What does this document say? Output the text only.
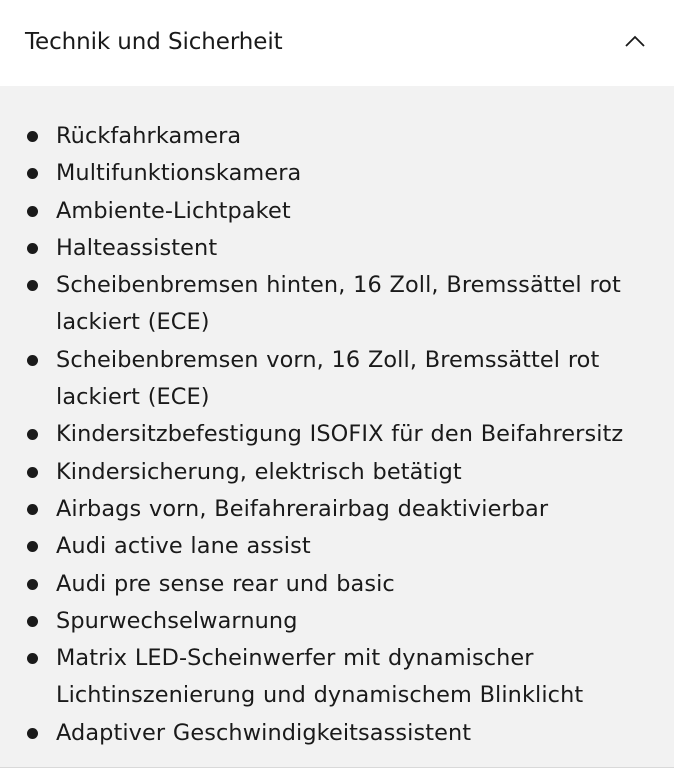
Technik und Sicherheit
Rückfahrkamera
Multifunktionskamera
Ambiente-Lichtpaket
Halteassistent
Scheibenbremsen hinten, 16 Zoll, Bremssättel rot lackiert (ECE)
Scheibenbremsen vorn, 16 Zoll, Bremssättel rot lackiert (ECE)
Kindersitzbefestigung ISOFIX für den Beifahrersitz
Kindersicherung, elektrisch betätigt
Airbags vorn, Beifahrerairbag deaktivierbar
Audi active lane assist
Audi pre sense rear und basic
Spurwechselwarnung
Matrix LED-Scheinwerfer mit dynamischer Lichtinszenierung und dynamischem Blinklicht
Adaptiver Geschwindigkeitsassistent
